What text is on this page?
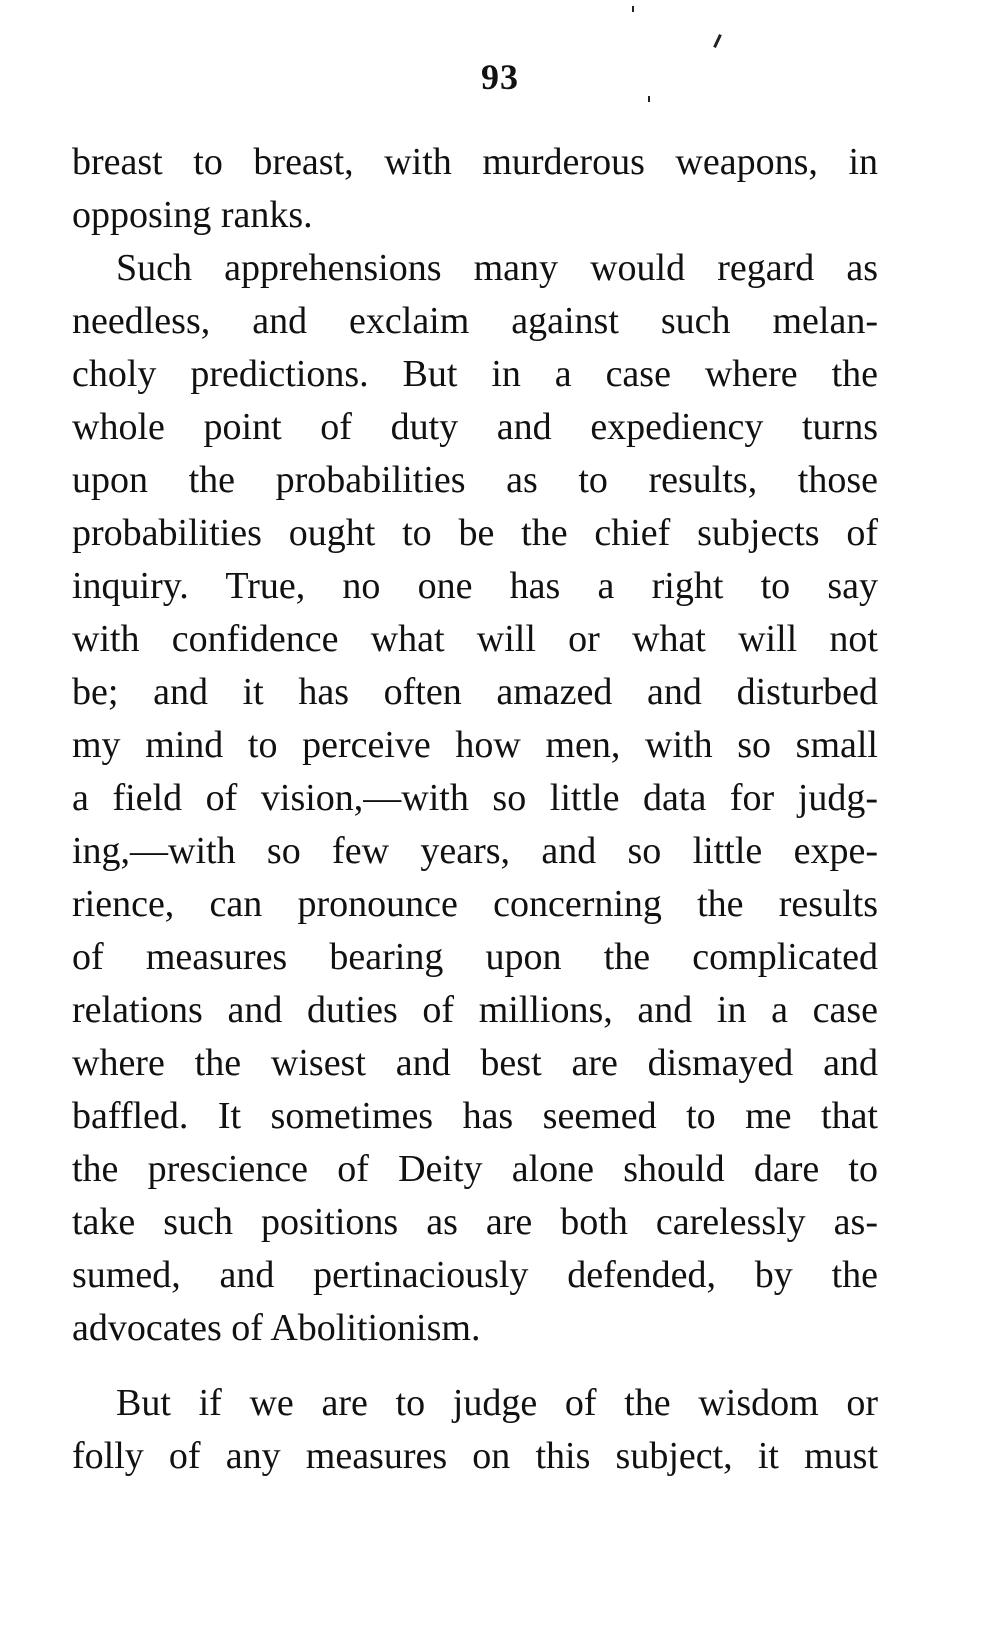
93
breast to breast, with murderous weapons, in
opposing ranks.
Such apprehensions many would regard as
needless, and exclaim against such melan-
choly predictions. But in a case where the
whole point of duty and expediency turns
upon the probabilities as to results, those
probabilities ought to be the chief subjects of
inquiry. True, no one has a right to say
with confidence what will or what will not
be; and it has often amazed and disturbed
my mind to perceive how men, with so small
a field of vision,—with so little data for judg-
ing,—with so few years, and so little expe-
rience, can pronounce concerning the results
of measures bearing upon the complicated
relations and duties of millions, and in a case
where the wisest and best are dismayed and
baffled. It sometimes has seemed to me that
the prescience of Deity alone should dare to
take such positions as are both carelessly as-
sumed, and pertinaciously defended, by the
advocates of Abolitionism.
But if we are to judge of the wisdom or
folly of any measures on this subject, it must
